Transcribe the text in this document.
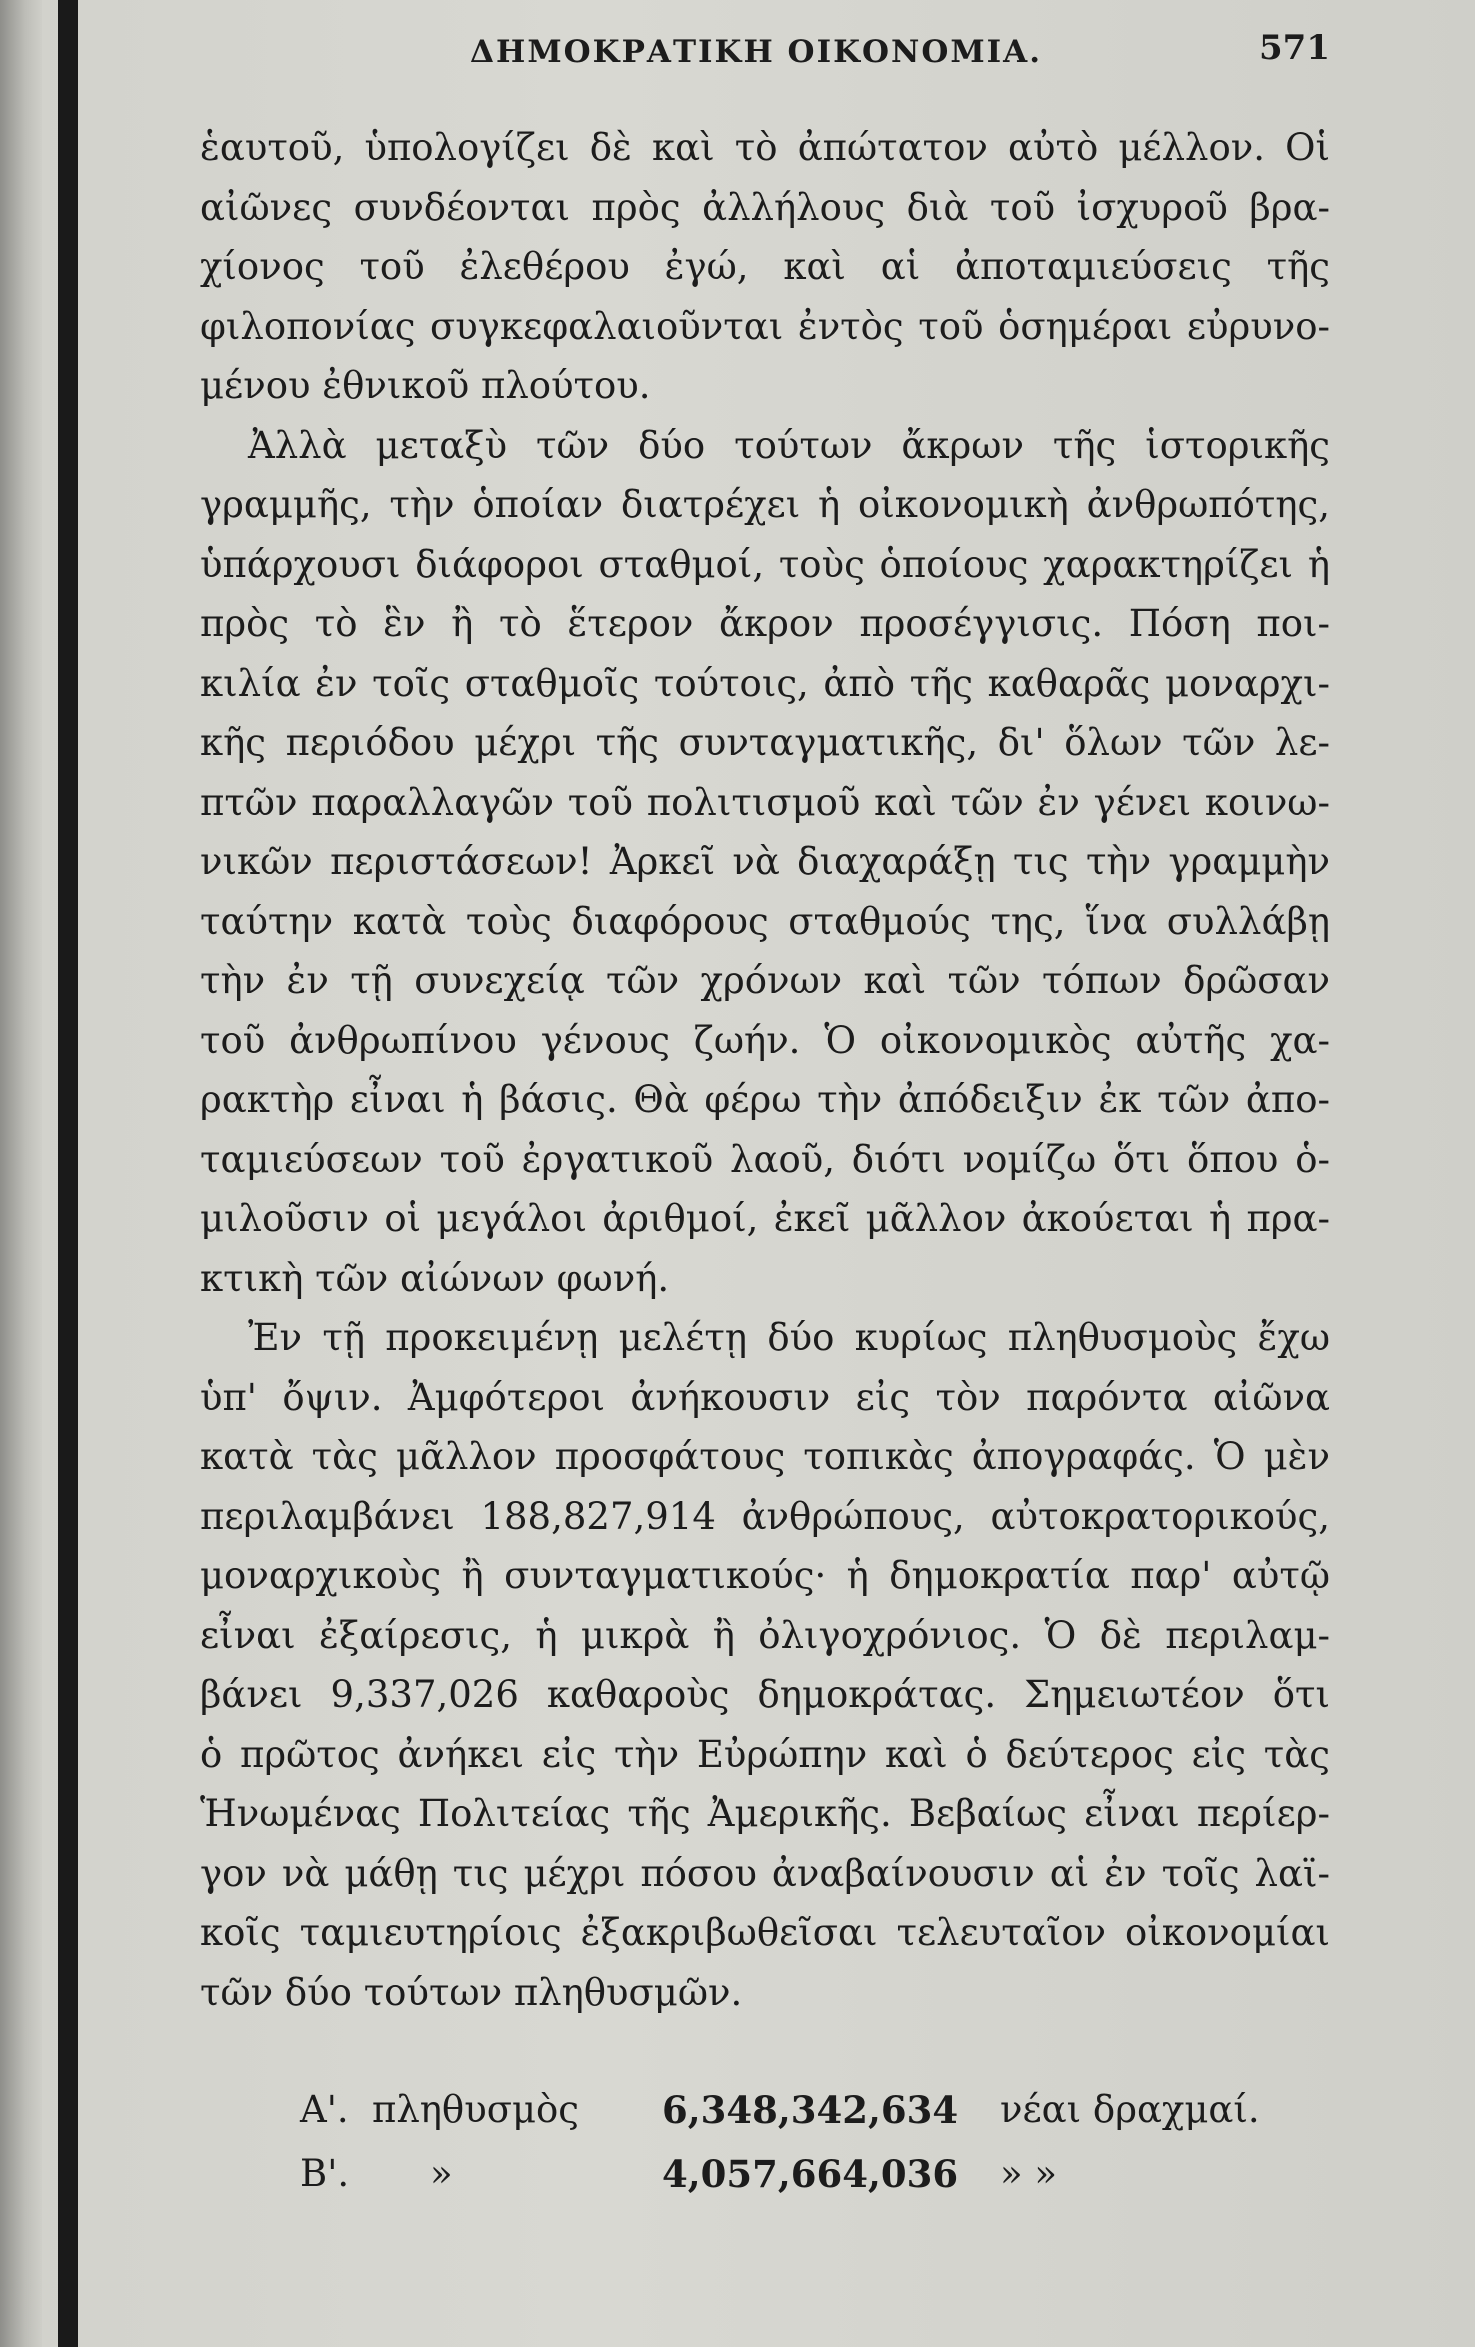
ΔΗΜΟΚΡΑΤΙΚΗ ΟΙΚΟΝΟΜΙΑ.	571
ἑαυτοῦ, ὑπολογίζει δὲ καὶ τὸ ἀπώτατον αὐτὸ μέλλον. Οἱ
αἰῶνες συνδέονται πρὸς ἀλλήλους διὰ τοῦ ἰσχυροῦ βρα-
χίονος τοῦ ἐλεθέρου ἐγώ, καὶ αἱ ἀποταμιεύσεις τῆς
φιλοπονίας συγκεφαλαιοῦνται ἐντὸς τοῦ ὁσημέραι εὐρυνο-
μένου ἐθνικοῦ πλούτου.
Ἀλλὰ μεταξὺ τῶν δύο τούτων ἄκρων τῆς ἱστορικῆς
γραμμῆς, τὴν ὁποίαν διατρέχει ἡ οἰκονομικὴ ἀνθρωπότης,
ὑπάρχουσι διάφοροι σταθμοί, τοὺς ὁποίους χαρακτηρίζει ἡ
πρὸς τὸ ἓν ἢ τὸ ἕτερον ἄκρον προσέγγισις. Πόση ποι-
κιλία ἐν τοῖς σταθμοῖς τούτοις, ἀπὸ τῆς καθαρᾶς μοναρχι-
κῆς περιόδου μέχρι τῆς συνταγματικῆς, δι' ὅλων τῶν λε-
πτῶν παραλλαγῶν τοῦ πολιτισμοῦ καὶ τῶν ἐν γένει κοινω-
νικῶν περιστάσεων! Ἀρκεῖ νὰ διαχαράξῃ τις τὴν γραμμὴν
ταύτην κατὰ τοὺς διαφόρους σταθμούς της, ἵνα συλλάβῃ
τὴν ἐν τῇ συνεχείᾳ τῶν χρόνων καὶ τῶν τόπων δρῶσαν
τοῦ ἀνθρωπίνου γένους ζωήν. Ὁ οἰκονομικὸς αὐτῆς χα-
ρακτὴρ εἶναι ἡ βάσις. Θὰ φέρω τὴν ἀπόδειξιν ἐκ τῶν ἀπο-
ταμιεύσεων τοῦ ἐργατικοῦ λαοῦ, διότι νομίζω ὅτι ὅπου ὁ-
μιλοῦσιν οἱ μεγάλοι ἀριθμοί, ἐκεῖ μᾶλλον ἀκούεται ἡ πρα-
κτικὴ τῶν αἰώνων φωνή.
Ἐν τῇ προκειμένῃ μελέτῃ δύο κυρίως πληθυσμοὺς ἔχω
ὑπ' ὄψιν. Ἀμφότεροι ἀνήκουσιν εἰς τὸν παρόντα αἰῶνα
κατὰ τὰς μᾶλλον προσφάτους τοπικὰς ἀπογραφάς. Ὁ μὲν
περιλαμβάνει 188,827,914 ἀνθρώπους, αὐτοκρατορικούς,
μοναρχικοὺς ἢ συνταγματικούς· ἡ δημοκρατία παρ' αὐτῷ
εἶναι ἐξαίρεσις, ἡ μικρὰ ἢ ὀλιγοχρόνιος. Ὁ δὲ περιλαμ-
βάνει 9,337,026 καθαροὺς δημοκράτας. Σημειωτέον ὅτι
ὁ πρῶτος ἀνήκει εἰς τὴν Εὐρώπην καὶ ὁ δεύτερος εἰς τὰς
Ἡνωμένας Πολιτείας τῆς Ἀμερικῆς. Βεβαίως εἶναι περίερ-
γον νὰ μάθῃ τις μέχρι πόσου ἀναβαίνουσιν αἱ ἐν τοῖς λαϊ-
κοῖς ταμιευτηρίοις ἐξακριβωθεῖσαι τελευταῖον οἰκονομίαι
τῶν δύο τούτων πληθυσμῶν.
Α'. πληθυσμὸς 6,348,342,634 νέαι δραχμαί.
Β'. »	4,057,664,036 » »
